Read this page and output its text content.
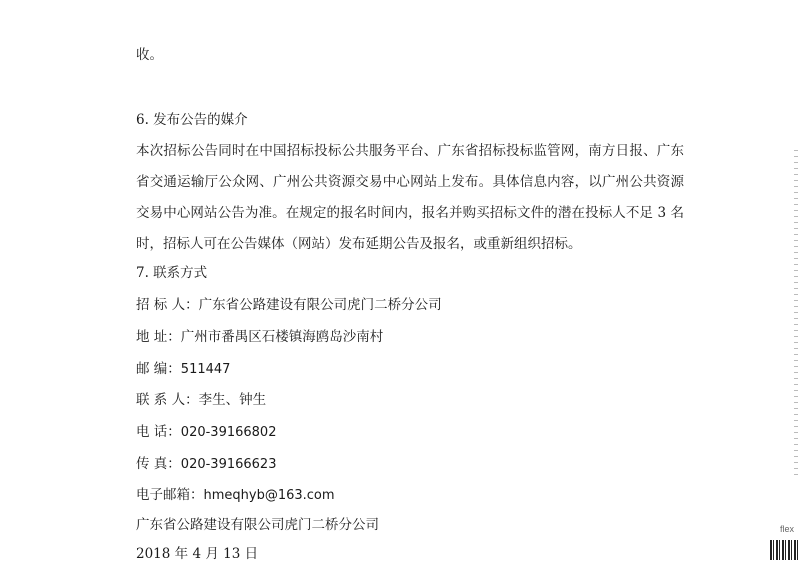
收。

6. 发布公告的媒介

本次招标公告同时在中国招标投标公共服务平台、广东省招标投标监管网，南方日报、广东省交通运输厅公众网、广州公共资源交易中心网站上发布。具体信息内容，以广州公共资源交易中心网站公告为准。在规定的报名时间内，报名并购买招标文件的潜在投标人不足 3 名时，招标人可在公告媒体（网站）发布延期公告及报名，或重新组织招标。

7. 联系方式

招 标 人：广东省公路建设有限公司虎门二桥分公司

地 址：广州市番禺区石楼镇海鸥岛沙南村

邮 编：511447

联 系 人：李生、钟生

电 话：020-39166802

传 真：020-39166623

电子邮箱：hmeqhyb@163.com

广东省公路建设有限公司虎门二桥分公司

2018 年 4 月 13 日

flex
